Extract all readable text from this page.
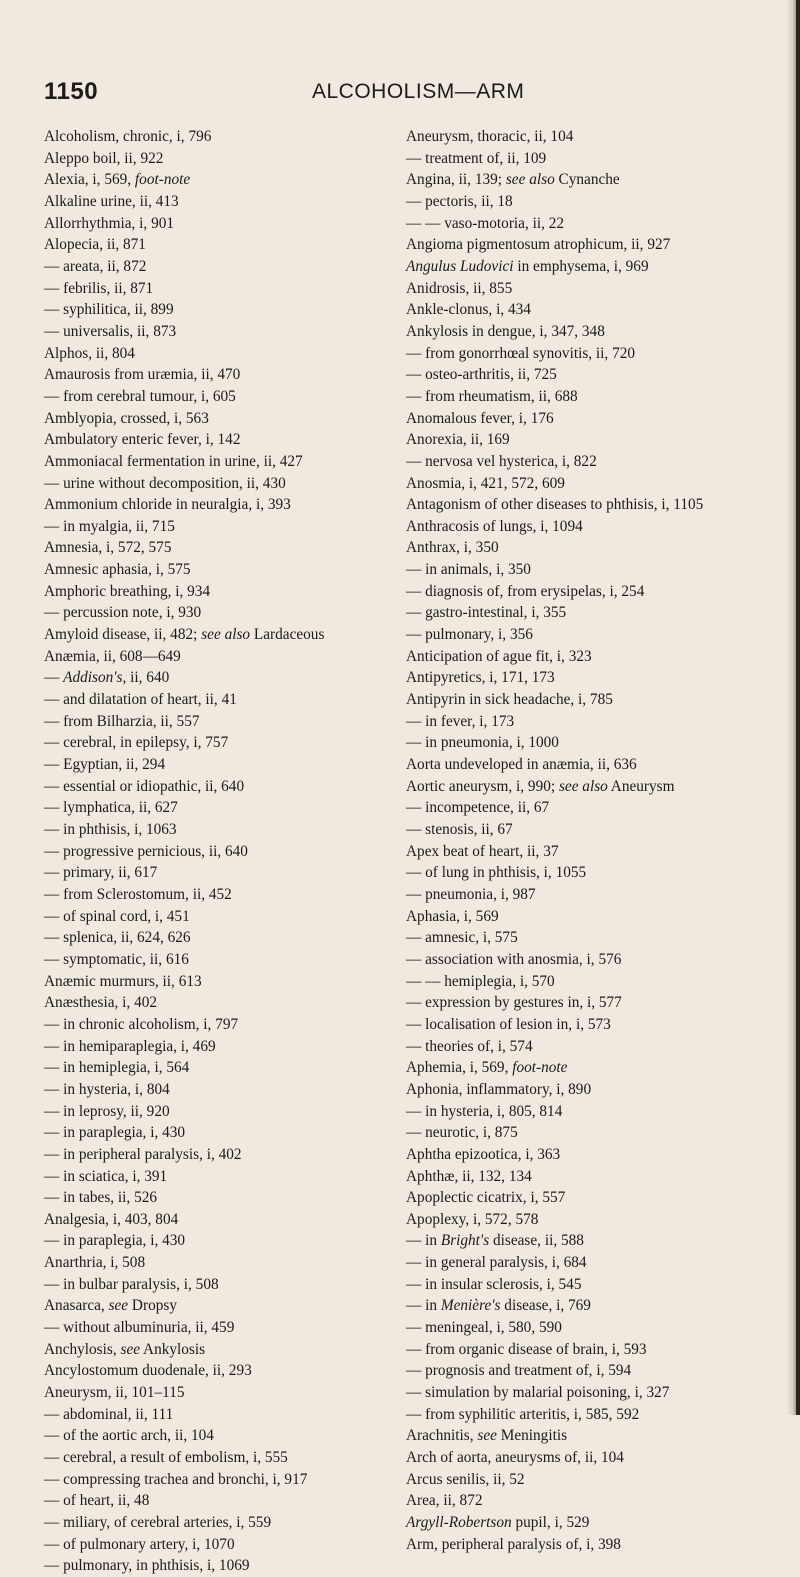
1150	ALCOHOLISM—ARM
Alcoholism, chronic, i, 796
Aleppo boil, ii, 922
Alexia, i, 569, foot-note
Alkaline urine, ii, 413
Allorrhythmia, i, 901
Alopecia, ii, 871
— areata, ii, 872
— febrilis, ii, 871
— syphilitica, ii, 899
— universalis, ii, 873
Alphos, ii, 804
Amaurosis from uræmia, ii, 470
— from cerebral tumour, i, 605
Amblyopia, crossed, i, 563
Ambulatory enteric fever, i, 142
Ammoniacal fermentation in urine, ii, 427
— urine without decomposition, ii, 430
Ammonium chloride in neuralgia, i, 393
— in myalgia, ii, 715
Amnesia, i, 572, 575
Amnesic aphasia, i, 575
Amphoric breathing, i, 934
— percussion note, i, 930
Amyloid disease, ii, 482; see also Lardaceous
Anæmia, ii, 608—649
— Addison's, ii, 640
— and dilatation of heart, ii, 41
— from Bilharzia, ii, 557
— cerebral, in epilepsy, i, 757
— Egyptian, ii, 294
— essential or idiopathic, ii, 640
— lymphatica, ii, 627
— in phthisis, i, 1063
— progressive pernicious, ii, 640
— primary, ii, 617
— from Sclerostomum, ii, 452
— of spinal cord, i, 451
— splenica, ii, 624, 626
— symptomatic, ii, 616
Anæmic murmurs, ii, 613
Anæsthesia, i, 402
— in chronic alcoholism, i, 797
— in hemiparaplegia, i, 469
— in hemiplegia, i, 564
— in hysteria, i, 804
— in leprosy, ii, 920
— in paraplegia, i, 430
— in peripheral paralysis, i, 402
— in sciatica, i, 391
— in tabes, ii, 526
Analgesia, i, 403, 804
— in paraplegia, i, 430
Anarthria, i, 508
— in bulbar paralysis, i, 508
Anasarca, see Dropsy
— without albuminuria, ii, 459
Anchylosis, see Ankylosis
Ancylostomum duodenale, ii, 293
Aneurysm, ii, 101–115
— abdominal, ii, 111
— of the aortic arch, ii, 104
— cerebral, a result of embolism, i, 555
— compressing trachea and bronchi, i, 917
— of heart, ii, 48
— miliary, of cerebral arteries, i, 559
— of pulmonary artery, i, 1070
— pulmonary, in phthisis, i, 1069
Aneurysm, thoracic, ii, 104
— treatment of, ii, 109
Angina, ii, 139; see also Cynanche
— pectoris, ii, 18
— — vaso-motoria, ii, 22
Angioma pigmentosum atrophicum, ii, 927
Angulus Ludovici in emphysema, i, 969
Anidrosis, ii, 855
Ankle-clonus, i, 434
Ankylosis in dengue, i, 347, 348
— from gonorrhœal synovitis, ii, 720
— osteo-arthritis, ii, 725
— from rheumatism, ii, 688
Anomalous fever, i, 176
Anorexia, ii, 169
— nervosa vel hysterica, i, 822
Anosmia, i, 421, 572, 609
Antagonism of other diseases to phthisis, i, 1105
Anthracosis of lungs, i, 1094
Anthrax, i, 350
— in animals, i, 350
— diagnosis of, from erysipelas, i, 254
— gastro-intestinal, i, 355
— pulmonary, i, 356
Anticipation of ague fit, i, 323
Antipyretics, i, 171, 173
Antipyrin in sick headache, i, 785
— in fever, i, 173
— in pneumonia, i, 1000
Aorta undeveloped in anæmia, ii, 636
Aortic aneurysm, i, 990; see also Aneurysm
— incompetence, ii, 67
— stenosis, ii, 67
Apex beat of heart, ii, 37
— of lung in phthisis, i, 1055
— pneumonia, i, 987
Aphasia, i, 569
— amnesic, i, 575
— association with anosmia, i, 576
— — hemiplegia, i, 570
— expression by gestures in, i, 577
— localisation of lesion in, i, 573
— theories of, i, 574
Aphemia, i, 569, foot-note
Aphonia, inflammatory, i, 890
— in hysteria, i, 805, 814
— neurotic, i, 875
Aphtha epizootica, i, 363
Aphthæ, ii, 132, 134
Apoplectic cicatrix, i, 557
Apoplexy, i, 572, 578
— in Bright's disease, ii, 588
— in general paralysis, i, 684
— in insular sclerosis, i, 545
— in Menière's disease, i, 769
— meningeal, i, 580, 590
— from organic disease of brain, i, 593
— prognosis and treatment of, i, 594
— simulation by malarial poisoning, i, 327
— from syphilitic arteritis, i, 585, 592
Arachnitis, see Meningitis
Arch of aorta, aneurysms of, ii, 104
Arcus senilis, ii, 52
Area, ii, 872
Argyll-Robertson pupil, i, 529
Arm, peripheral paralysis of, i, 398
